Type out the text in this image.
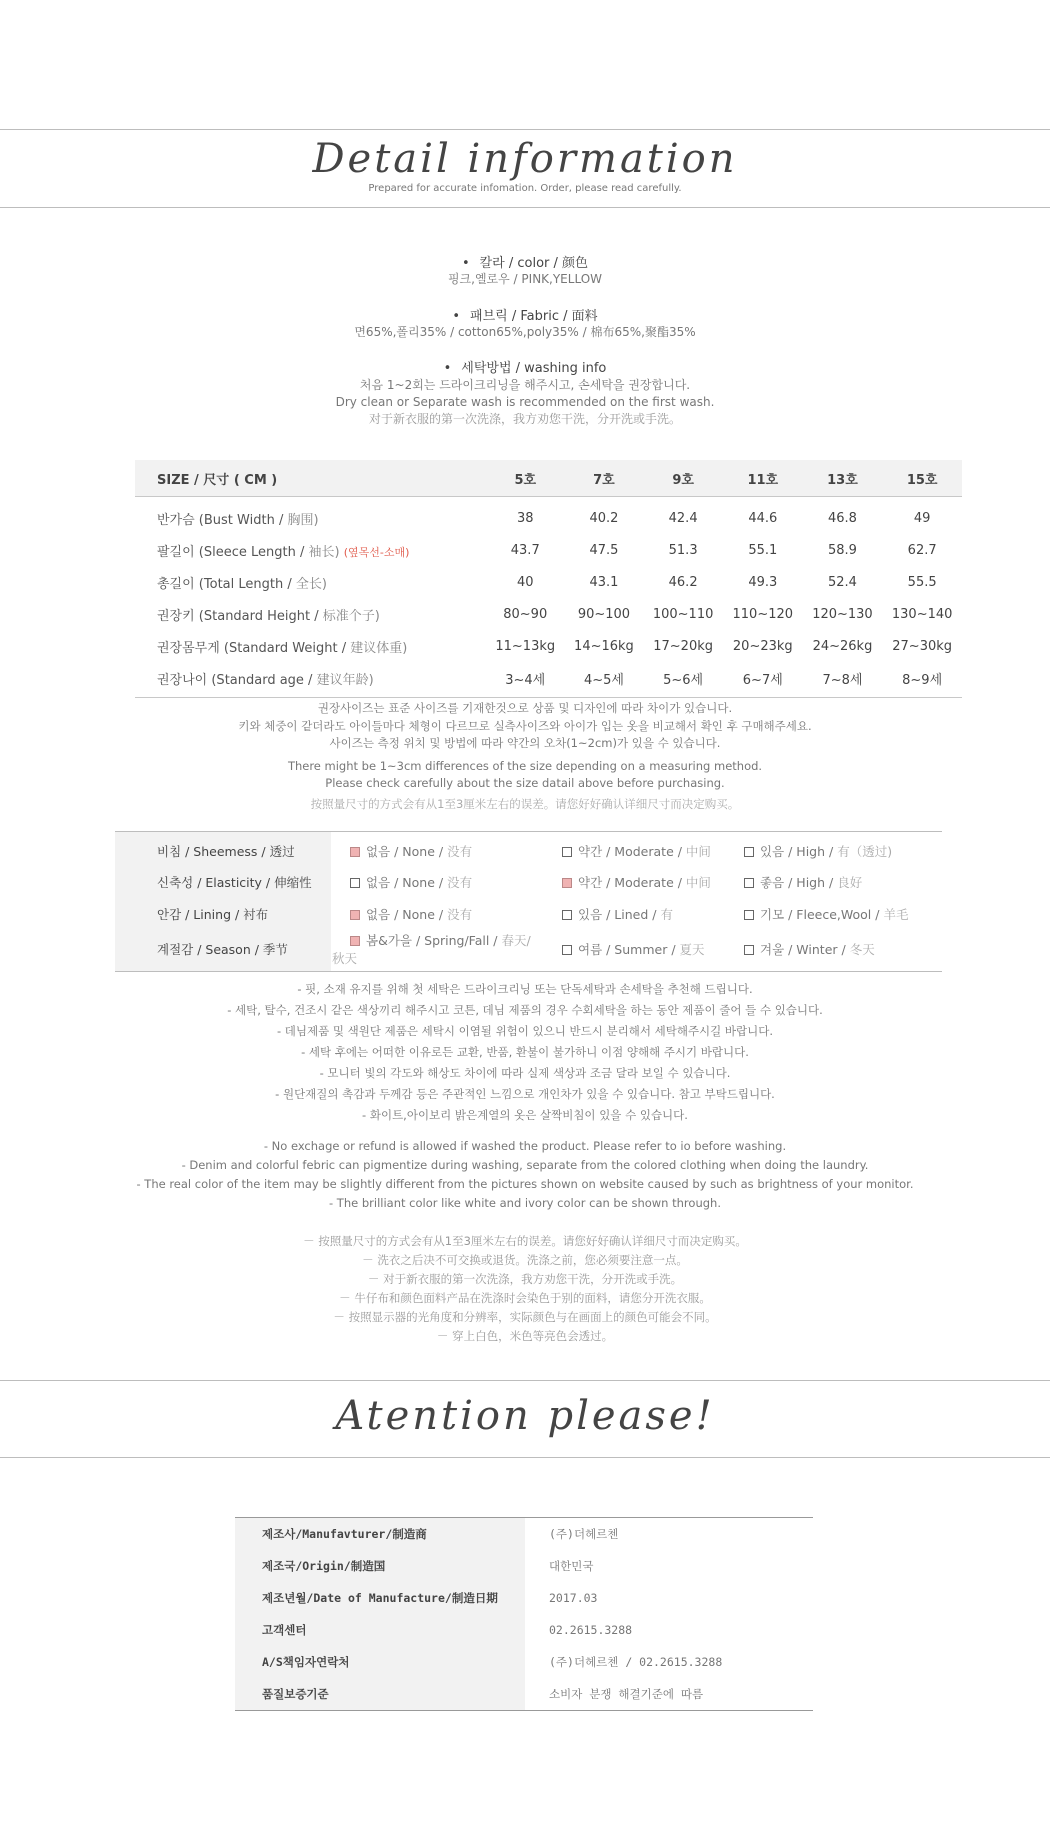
Detail information
Prepared for accurate infomation. Order, please read carefully.
• 칼라 / color / 颜色
핑크,옐로우 / PINK,YELLOW
• 패브릭 / Fabric / 面料
면65%,폴리35% / cotton65%,poly35% / 棉布65%,聚酯35%
• 세탁방법 / washing info
처음 1~2회는 드라이크리닝을 해주시고, 손세탁을 권장합니다.
Dry clean or Separate wash is recommended on the first wash.
对于新衣服的第一次洗涤，我方劝您干洗，分开洗或手洗。
SIZE / 尺寸 ( CM )	5호	7호	9호	11호	13호	15호
반가슴 (Bust Width / 胸围)	38	40.2	42.4	44.6	46.8	49
팔길이 (Sleece Length / 袖长) (옆목선-소매)	43.7	47.5	51.3	55.1	58.9	62.7
총길이 (Total Length / 全长)	40	43.1	46.2	49.3	52.4	55.5
권장키 (Standard Height / 标准个子)	80~90	90~100	100~110	110~120	120~130	130~140
권장몸무게 (Standard Weight / 建议体重)	11~13kg	14~16kg	17~20kg	20~23kg	24~26kg	27~30kg
권장나이 (Standard age / 建议年龄)	3~4세	4~5세	5~6세	6~7세	7~8세	8~9세
권장사이즈는 표준 사이즈를 기재한것으로 상품 및 디자인에 따라 차이가 있습니다.
키와 체중이 같더라도 아이들마다 체형이 다르므로 실측사이즈와 아이가 입는 옷을 비교해서 확인 후 구매해주세요.
사이즈는 측정 위치 및 방법에 따라 약간의 오차(1~2cm)가 있을 수 있습니다.
There might be 1~3cm differences of the size depending on a measuring method.
Please check carefully about the size datail above before purchasing.
按照量尺寸的方式会有从1至3厘米左右的误差。请您好好确认详细尺寸而决定购买。
비침 / Sheemess / 透过	없음 / None / 没有	약간 / Moderate / 中间	있음 / High / 有（透过)
신축성 / Elasticity / 伸缩性	없음 / None / 没有	약간 / Moderate / 中间	좋음 / High / 良好
안감 / Lining / 衬布	없음 / None / 没有	있음 / Lined / 有	기모 / Fleece,Wool / 羊毛
계절감 / Season / 季节	봄&가을 / Spring/Fall / 春天/秋天	여름 / Summer / 夏天	겨울 / Winter / 冬天
- 핏, 소재 유지를 위해 첫 세탁은 드라이크리닝 또는 단독세탁과 손세탁을 추천해 드립니다.
- 세탁, 탈수, 건조시 같은 색상끼리 해주시고 코튼, 데님 제품의 경우 수회세탁을 하는 동안 제품이 줄어 들 수 있습니다.
- 데님제품 및 색원단 제품은 세탁시 이염될 위험이 있으니 반드시 분리해서 세탁해주시길 바랍니다.
- 세탁 후에는 어떠한 이유로든 교환, 반품, 환불이 불가하니 이점 양해해 주시기 바랍니다.
- 모니터 빛의 각도와 해상도 차이에 따라 실제 색상과 조금 달라 보일 수 있습니다.
- 원단재질의 촉감과 두께감 등은 주관적인 느낌으로 개인차가 있을 수 있습니다. 참고 부탁드립니다.
- 화이트,아이보리 밝은계열의 옷은 살짝비침이 있을 수 있습니다.
- No exchage or refund is allowed if washed the product. Please refer to io before washing.
- Denim and colorful febric can pigmentize during washing, separate from the colored clothing when doing the laundry.
- The real color of the item may be slightly different from the pictures shown on website caused by such as brightness of your monitor.
- The brilliant color like white and ivory color can be shown through.
－ 按照量尺寸的方式会有从1至3厘米左右的误差。请您好好确认详细尺寸而决定购买。
－ 洗衣之后决不可交换或退货。洗涤之前，您必须要注意一点。
－ 对于新衣服的第一次洗涤，我方劝您干洗，分开洗或手洗。
－ 牛仔布和颜色面料产品在洗涤时会染色于别的面料，请您分开洗衣服。
－ 按照显示器的光角度和分辨率，实际颜色与在画面上的颜色可能会不同。
－ 穿上白色，米色等亮色会透过。
Atention please!
제조사/Manufavturer/制造商	(주)더헤르첸
제조국/Origin/制造国	대한민국
제조년월/Date of Manufacture/制造日期	2017.03
고객센터	02.2615.3288
A/S책임자연락처	(주)더헤르첸 / 02.2615.3288
품질보증기준	소비자 분쟁 해결기준에 따름
